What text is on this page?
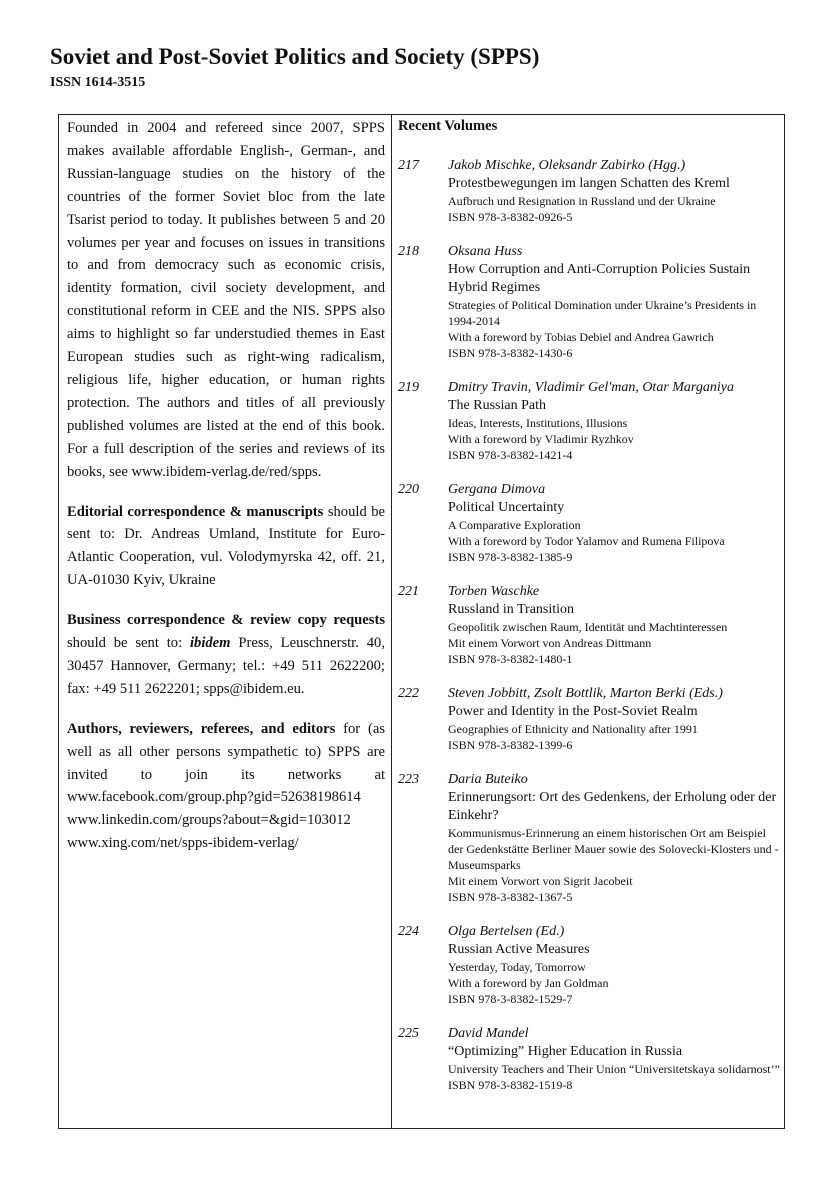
Soviet and Post-Soviet Politics and Society (SPPS)
ISSN 1614-3515

Founded in 2004 and refereed since 2007, SPPS makes available affordable English-, German-, and Russian-language studies on the history of the countries of the former Soviet bloc from the late Tsarist period to today. It publishes between 5 and 20 volumes per year and focuses on issues in transitions to and from democracy such as economic crisis, identity formation, civil society development, and constitutional reform in CEE and the NIS. SPPS also aims to highlight so far understudied themes in East European studies such as right-wing radicalism, religious life, higher education, or human rights protection. The authors and titles of all previously published volumes are listed at the end of this book. For a full description of the series and reviews of its books, see www.ibidem-verlag.de/red/spps.

Editorial correspondence & manuscripts should be sent to: Dr. Andreas Umland, Institute for Euro-Atlantic Cooperation, vul. Volodymyrska 42, off. 21, UA-01030 Kyiv, Ukraine

Business correspondence & review copy requests should be sent to: ibidem Press, Leuschnerstr. 40, 30457 Hannover, Germany; tel.: +49 511 2622200; fax: +49 511 2622201; spps@ibidem.eu.

Authors, reviewers, referees, and editors for (as well as all other persons sympathetic to) SPPS are invited to join its networks at www.facebook.com/group.php?gid=52638198614 www.linkedin.com/groups?about=&gid=103012 www.xing.com/net/spps-ibidem-verlag/

Recent Volumes
217 Jakob Mischke, Oleksandr Zabirko (Hgg.)
Protestbewegungen im langen Schatten des Kreml
Aufbruch und Resignation in Russland und der Ukraine
ISBN 978-3-8382-0926-5
218 Oksana Huss
How Corruption and Anti-Corruption Policies Sustain Hybrid Regimes
Strategies of Political Domination under Ukraine’s Presidents in 1994-2014
With a foreword by Tobias Debiel and Andrea Gawrich
ISBN 978-3-8382-1430-6
219 Dmitry Travin, Vladimir Gel'man, Otar Marganiya
The Russian Path
Ideas, Interests, Institutions, Illusions
With a foreword by Vladimir Ryzhkov
ISBN 978-3-8382-1421-4
220 Gergana Dimova
Political Uncertainty
A Comparative Exploration
With a foreword by Todor Yalamov and Rumena Filipova
ISBN 978-3-8382-1385-9
221 Torben Waschke
Russland in Transition
Geopolitik zwischen Raum, Identität und Machtinteressen
Mit einem Vorwort von Andreas Dittmann
ISBN 978-3-8382-1480-1
222 Steven Jobbitt, Zsolt Bottlik, Marton Berki (Eds.)
Power and Identity in the Post-Soviet Realm
Geographies of Ethnicity and Nationality after 1991
ISBN 978-3-8382-1399-6
223 Daria Buteiko
Erinnerungsort: Ort des Gedenkens, der Erholung oder der Einkehr?
Kommunismus-Erinnerung an einem historischen Ort am Beispiel der Gedenkstätte Berliner Mauer sowie des Solovecki-Klosters und -Museumsparks
Mit einem Vorwort von Sigrit Jacobeit
ISBN 978-3-8382-1367-5
224 Olga Bertelsen (Ed.)
Russian Active Measures
Yesterday, Today, Tomorrow
With a foreword by Jan Goldman
ISBN 978-3-8382-1529-7
225 David Mandel
“Optimizing” Higher Education in Russia
University Teachers and Their Union “Universitetskaya solidarnost’”
ISBN 978-3-8382-1519-8
